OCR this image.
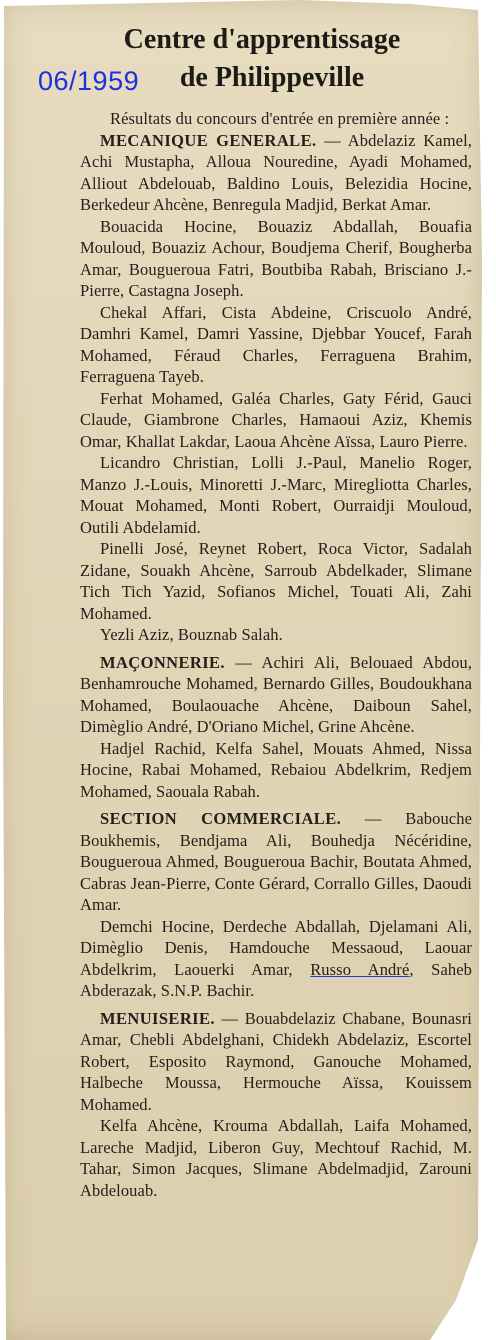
Centre d'apprentissage
de Philippeville
06/1959

Résultats du concours d'entrée en première année :

MECANIQUE GENERALE. — Abdelaziz Kamel, Achi Mustapha, Alloua Nouredine, Ayadi Mohamed, Alliout Abdelouab, Baldino Louis, Belezidia Hocine, Berkedeur Ahcène, Benregula Madjid, Berkat Amar.

Bouacida Hocine, Bouaziz Abdallah, Bouafia Mouloud, Bouaziz Achour, Boudjema Cherif, Bougherba Amar, Bougueroua Fatri, Boutbiba Rabah, Brisciano J.-Pierre, Castagna Joseph.

Chekal Affari, Cista Abdeine, Criscuolo André, Damhri Kamel, Damri Yassine, Djebbar Youcef, Farah Mohamed, Féraud Charles, Ferraguena Brahim, Ferraguena Tayeb.

Ferhat Mohamed, Galéa Charles, Gaty Férid, Gauci Claude, Giambrone Charles, Hamaoui Aziz, Khemis Omar, Khallat Lakdar, Laoua Ahcène Aïssa, Lauro Pierre.

Licandro Christian, Lolli J.-Paul, Manelio Roger, Manzo J.-Louis, Minoretti J.-Marc, Miregliotta Charles, Mouat Mohamed, Monti Robert, Ourraidji Mouloud, Outili Abdelamid.

Pinelli José, Reynet Robert, Roca Victor, Sadalah Zidane, Souakh Ahcène, Sarroub Abdelkader, Slimane Tich Tich Yazid, Sofianos Michel, Touati Ali, Zahi Mohamed.

Yezli Aziz, Bouznab Salah.

MAÇONNERIE. — Achiri Ali, Belouaed Abdou, Benhamrouche Mohamed, Bernardo Gilles, Boudoukhana Mohamed, Boulaouache Ahcène, Daiboun Sahel, Dimèglio André, D'Oriano Michel, Grine Ahcène.

Hadjel Rachid, Kelfa Sahel, Mouats Ahmed, Nissa Hocine, Rabai Mohamed, Rebaiou Abdelkrim, Redjem Mohamed, Saouala Rabah.

SECTION COMMERCIALE. — Babouche Boukhemis, Bendjama Ali, Bouhedja Nécéridine, Bougueroua Ahmed, Bougueroua Bachir, Boutata Ahmed, Cabras Jean-Pierre, Conte Gérard, Corrallo Gilles, Daoudi Amar.

Demchi Hocine, Derdeche Abdallah, Djelamani Ali, Dimèglio Denis, Hamdouche Messaoud, Laouar Abdelkrim, Laouerki Amar, Russo André, Saheb Abderazak, S.N.P. Bachir.

MENUISERIE. — Bouabdelaziz Chabane, Bounasri Amar, Chebli Abdelghani, Chidekh Abdelaziz, Escortel Robert, Esposito Raymond, Ganouche Mohamed, Halbeche Moussa, Hermouche Aïssa, Kouissem Mohamed.

Kelfa Ahcène, Krouma Abdallah, Laifa Mohamed, Lareche Madjid, Liberon Guy, Mechtouf Rachid, M. Tahar, Simon Jacques, Slimane Abdelmadjid, Zarouni Abdelouab.
